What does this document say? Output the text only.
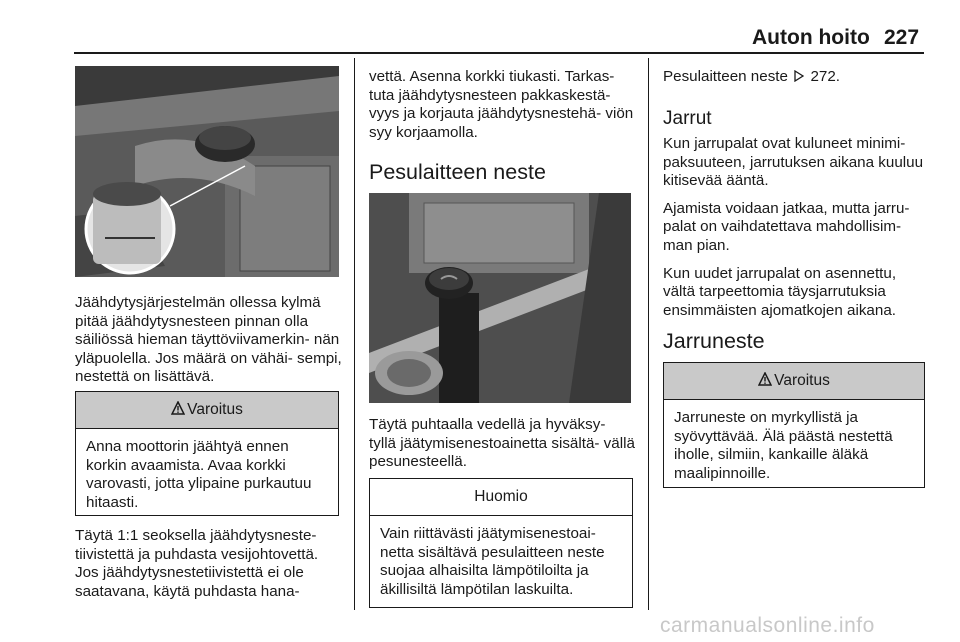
Auton hoito 227

Jäähdytysjärjestelmän ollessa kylmä pitää jäähdytysnesteen pinnan olla säiliössä hieman täyttöviivamerkin- nän yläpuolella. Jos määrä on vähäi- sempi, nestettä on lisättävä.

Varoitus
Anna moottorin jäähtyä ennen korkin avaamista. Avaa korkki varovasti, jotta ylipaine purkautuu hitaasti.

Täytä 1:1 seoksella jäähdytysneste- tiivistettä ja puhdasta vesijohtovettä. Jos jäähdytysnestetiivistettä ei ole saatavana, käytä puhdasta hana-

vettä. Asenna korkki tiukasti. Tarkas- tuta jäähdytysnesteen pakkaskestä- vyys ja korjauta jäähdytysnestehä- viön syy korjaamolla.

Pesulaitteen neste

Täytä puhtaalla vedellä ja hyväksy- tyllä jäätymisenestoainetta sisältä- vällä pesunesteellä.

Huomio
Vain riittävästi jäätymisenestoai- netta sisältävä pesulaitteen neste suojaa alhaisilta lämpötiloilta ja äkillisiltä lämpötilan laskuilta.
Pesulaitteen neste 272.
Jarrut

Kun jarrupalat ovat kuluneet minimi- paksuuteen, jarrutuksen aikana kuuluu kitisevää ääntä.

Ajamista voidaan jatkaa, mutta jarru- palat on vaihdatettava mahdollisim- man pian.

Kun uudet jarrupalat on asennettu, vältä tarpeettomia täysjarrutuksia ensimmäisten ajomatkojen aikana.

Jarruneste
Varoitus
Jarruneste on myrkyllistä ja syövyttävää. Älä päästä nestettä iholle, silmiin, kankaille äläkä maalipinnoille.
carmanualsonline.info
